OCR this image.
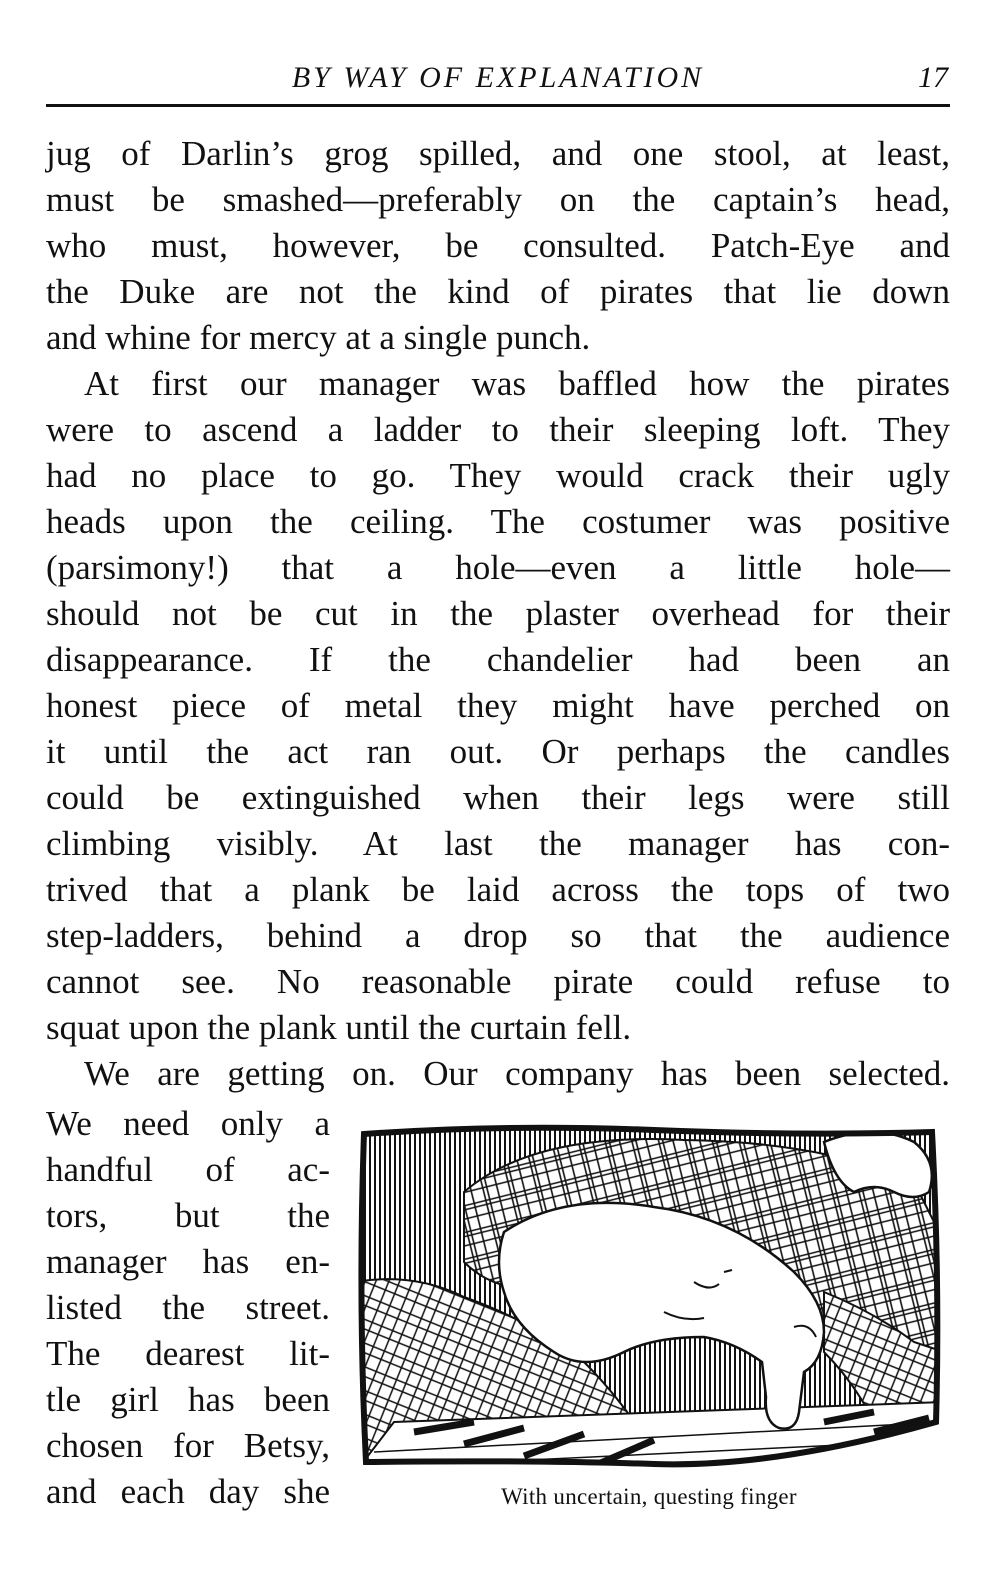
BY WAY OF EXPLANATION	17
jug of Darlin’s grog spilled, and one stool, at least,
must be smashed—preferably on the captain’s head,
who must, however, be consulted. Patch-Eye and
the Duke are not the kind of pirates that lie down
and whine for mercy at a single punch.
At first our manager was baffled how the pirates
were to ascend a ladder to their sleeping loft. They
had no place to go. They would crack their ugly
heads upon the ceiling. The costumer was positive
(parsimony!) that a hole—even a little hole—
should not be cut in the plaster overhead for their
disappearance. If the chandelier had been an
honest piece of metal they might have perched on
it until the act ran out. Or perhaps the candles
could be extinguished when their legs were still
climbing visibly. At last the manager has con-
trived that a plank be laid across the tops of two
step-ladders, behind a drop so that the audience
cannot see. No reasonable pirate could refuse to
squat upon the plank until the curtain fell.
We are getting on. Our company has been selected.
We need only a
handful of ac-
tors, but the
manager has en-
listed the street.
The dearest lit-
tle girl has been
chosen for Betsy,
and each day she	With uncertain, questing finger
